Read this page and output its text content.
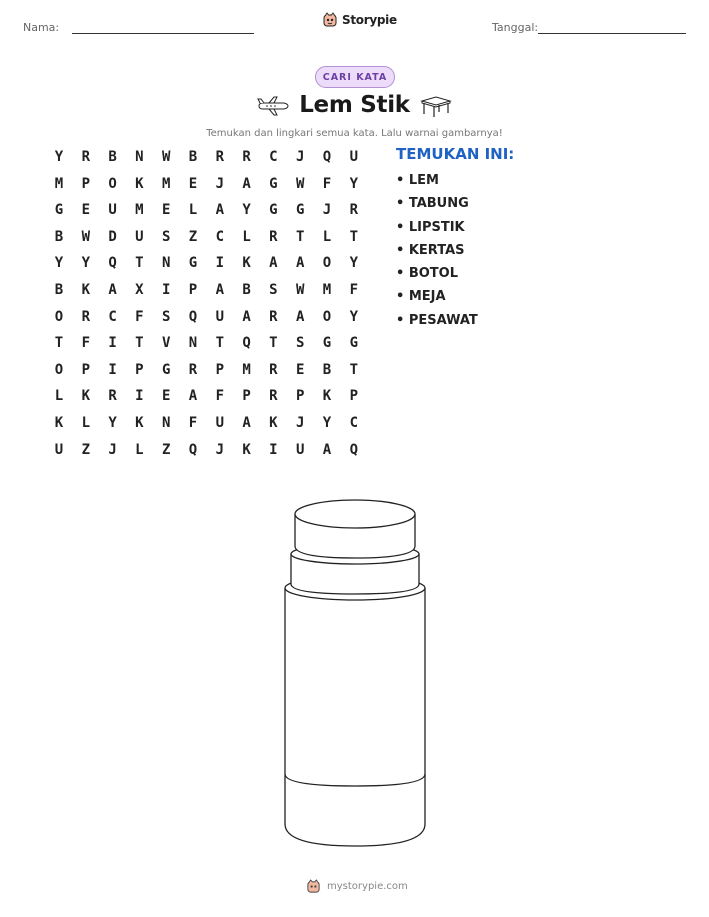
Nama:
Storypie
Tanggal:
CARI KATA
Lem Stik
Temukan dan lingkari semua kata. Lalu warnai gambarnya!
Y	R	B	N	W	B	R	R	C	J	Q	U
M	P	O	K	M	E	J	A	G	W	F	Y
G	E	U	M	E	L	A	Y	G	G	J	R
B	W	D	U	S	Z	C	L	R	T	L	T
Y	Y	Q	T	N	G	I	K	A	A	O	Y
B	K	A	X	I	P	A	B	S	W	M	F
O	R	C	F	S	Q	U	A	R	A	O	Y
T	F	I	T	V	N	T	Q	T	S	G	G
O	P	I	P	G	R	P	M	R	E	B	T
L	K	R	I	E	A	F	P	R	P	K	P
K	L	Y	K	N	F	U	A	K	J	Y	C
U	Z	J	L	Z	Q	J	K	I	U	A	Q
TEMUKAN INI:
• LEM
• TABUNG
• LIPSTIK
• KERTAS
• BOTOL
• MEJA
• PESAWAT
mystorypie.com
